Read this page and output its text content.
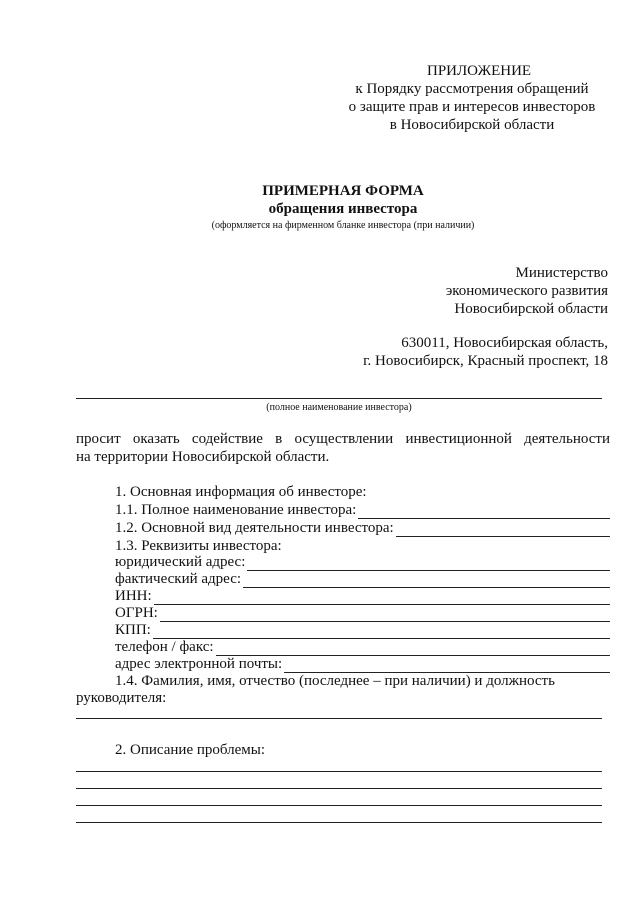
ПРИЛОЖЕНИЕ
к Порядку рассмотрения обращений
о защите прав и интересов инвесторов
в Новосибирской области
ПРИМЕРНАЯ ФОРМА
обращения инвестора
(оформляется на фирменном бланке инвестора (при наличии)
Министерство
экономического развития
Новосибирской области
630011, Новосибирская область,
г. Новосибирск, Красный проспект, 18
(полное наименование инвестора)
просит оказать содействие в осуществлении инвестиционной деятельности
на территории Новосибирской области.
1. Основная информация об инвесторе:
1.1. Полное наименование инвестора:
1.2. Основной вид деятельности инвестора:
1.3. Реквизиты инвестора:
юридический адрес:
фактический адрес:
ИНН:
ОГРН:
КПП:
телефон / факс:
адрес электронной почты:
1.4. Фамилия, имя, отчество (последнее – при наличии) и должность
руководителя:
2. Описание проблемы:
